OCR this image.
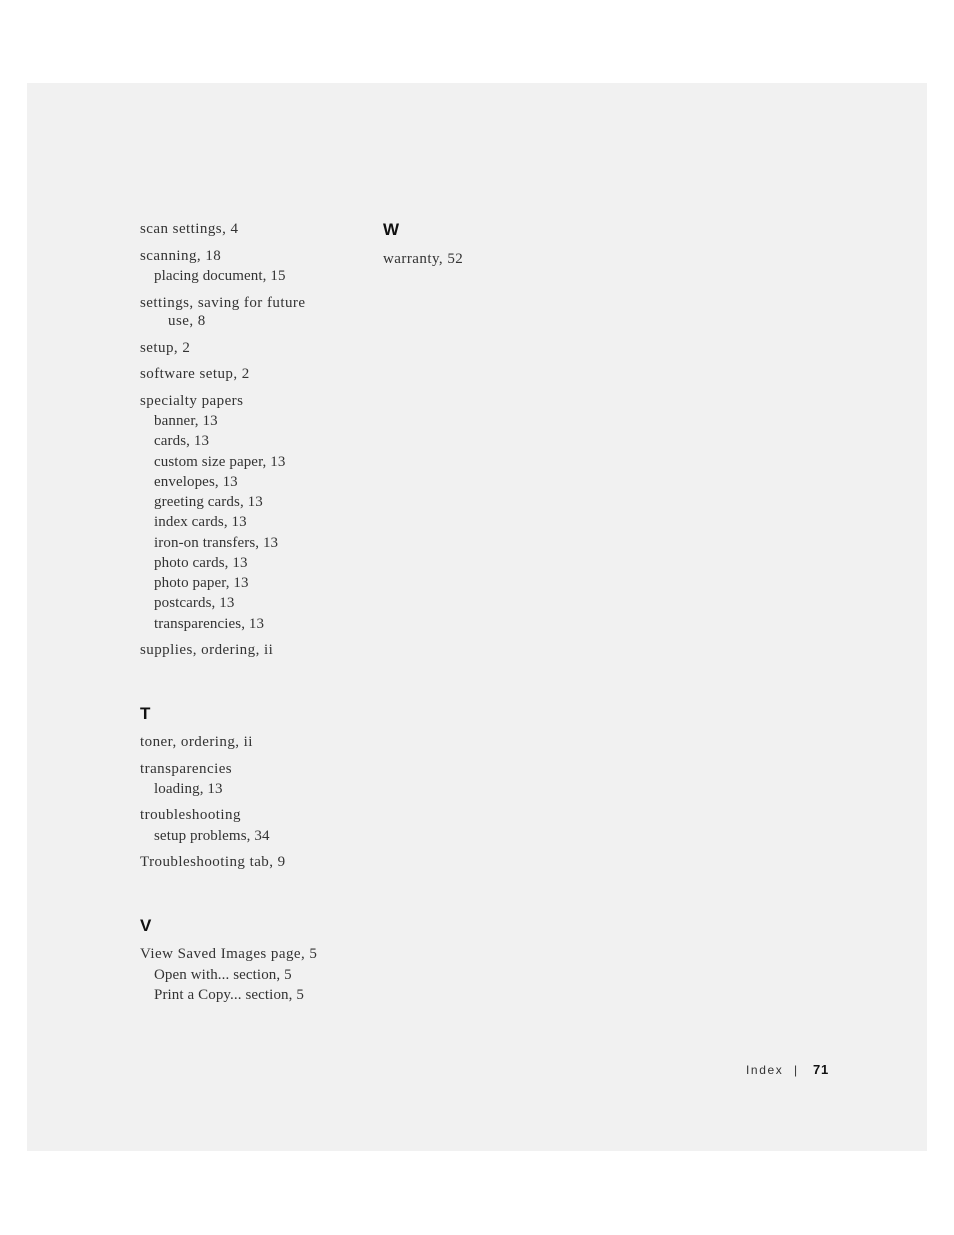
scan settings, 4
scanning, 18
placing document, 15
settings, saving for future
use, 8
setup, 2
software setup, 2
specialty papers
banner, 13
cards, 13
custom size paper, 13
envelopes, 13
greeting cards, 13
index cards, 13
iron-on transfers, 13
photo cards, 13
photo paper, 13
postcards, 13
transparencies, 13
supplies, ordering, ii
T
toner, ordering, ii
transparencies
loading, 13
troubleshooting
setup problems, 34
Troubleshooting tab, 9
V
View Saved Images page, 5
Open with... section, 5
Print a Copy... section, 5
W
warranty, 52
Index | 71
